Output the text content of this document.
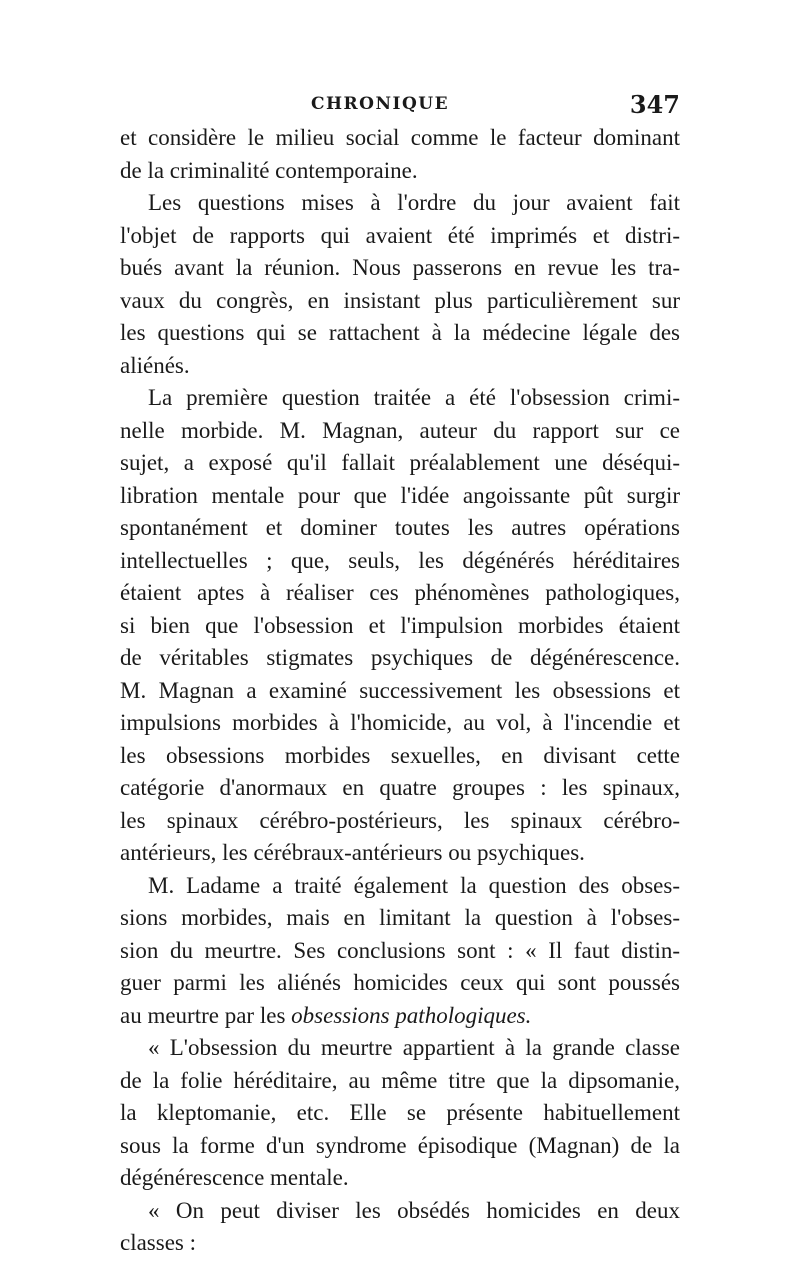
CHRONIQUE	347
et considère le milieu social comme le facteur dominant
de la criminalité contemporaine.
Les questions mises à l'ordre du jour avaient fait
l'objet de rapports qui avaient été imprimés et distri-
bués avant la réunion. Nous passerons en revue les tra-
vaux du congrès, en insistant plus particulièrement sur
les questions qui se rattachent à la médecine légale des
aliénés.
La première question traitée a été l'obsession crimi-
nelle morbide. M. Magnan, auteur du rapport sur ce
sujet, a exposé qu'il fallait préalablement une déséqui-
libration mentale pour que l'idée angoissante pût surgir
spontanément et dominer toutes les autres opérations
intellectuelles ; que, seuls, les dégénérés héréditaires
étaient aptes à réaliser ces phénomènes pathologiques,
si bien que l'obsession et l'impulsion morbides étaient
de véritables stigmates psychiques de dégénérescence.
M. Magnan a examiné successivement les obsessions et
impulsions morbides à l'homicide, au vol, à l'incendie et
les obsessions morbides sexuelles, en divisant cette
catégorie d'anormaux en quatre groupes : les spinaux,
les spinaux cérébro-postérieurs, les spinaux cérébro-
antérieurs, les cérébraux-antérieurs ou psychiques.
M. Ladame a traité également la question des obses-
sions morbides, mais en limitant la question à l'obses-
sion du meurtre. Ses conclusions sont : « Il faut distin-
guer parmi les aliénés homicides ceux qui sont poussés
au meurtre par les obsessions pathologiques.
« L'obsession du meurtre appartient à la grande classe
de la folie héréditaire, au même titre que la dipsomanie,
la kleptomanie, etc. Elle se présente habituellement
sous la forme d'un syndrome épisodique (Magnan) de la
dégénérescence mentale.
« On peut diviser les obsédés homicides en deux
classes :
